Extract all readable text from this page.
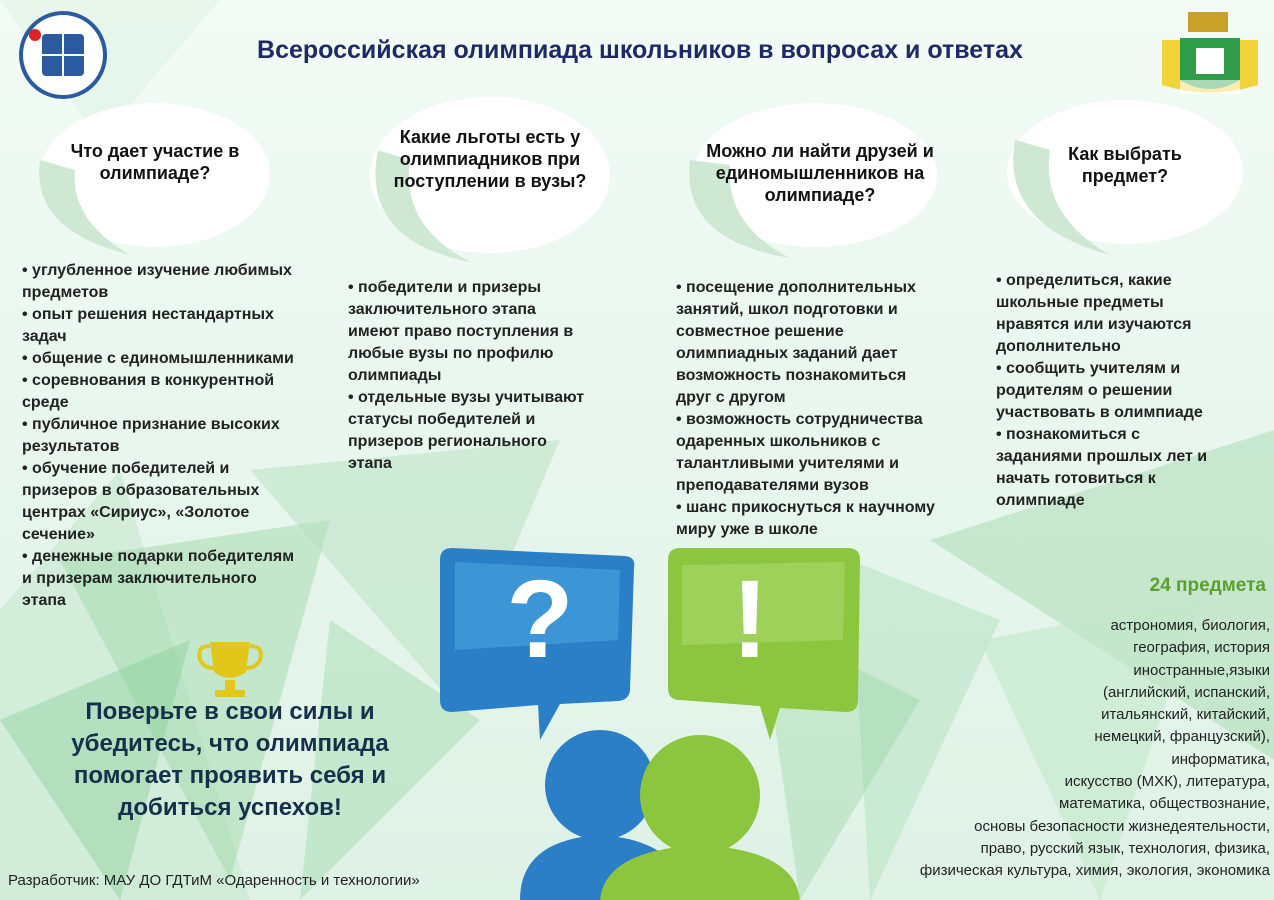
Всероссийская олимпиада школьников в вопросах и ответах
Что дает участие в олимпиаде?
Какие льготы есть у олимпиадников при поступлении в вузы?
Можно ли найти друзей и единомышленников на олимпиаде?
Как выбрать предмет?
• углубленное изучение любимых
предметов
• опыт решения нестандартных
задач
• общение с единомышленниками
• соревнования в конкурентной
среде
• публичное признание высоких
результатов
• обучение победителей и
призеров в образовательных
центрах «Сириус», «Золотое
сечение»
• денежные подарки победителям
и призерам заключительного
этапа
• победители и призеры
заключительного этапа
имеют право поступления в
любые вузы по профилю
олимпиады
• отдельные вузы учитывают
статусы победителей и
призеров регионального
этапа
• посещение дополнительных
занятий, школ подготовки и
совместное решение
олимпиадных заданий дает
возможность познакомиться
друг с другом
• возможность сотрудничества
одаренных школьников с
талантливыми учителями и
преподавателями вузов
• шанс прикоснуться к научному
миру уже в школе
• определиться, какие
школьные предметы
нравятся или изучаются
дополнительно
• сообщить учителям и
родителям о решении
участвовать в олимпиаде
• познакомиться с
заданиями прошлых лет и
начать готовиться к
олимпиаде
? !	24 предмета
астрономия, биология,
география, история
иностранные,языки
(английский, испанский,
итальянский, китайский,
немецкий, французский),
информатика,
искусство (МХК), литература,
математика, обществознание,
основы безопасности жизнедеятельности,
право, русский язык, технология, физика,
физическая культура, химия, экология, экономика
Поверьте в свои силы и
убедитесь, что олимпиада
помогает проявить себя и
добиться успехов!
Разработчик: МАУ ДО ГДТиМ «Одаренность и технологии»
